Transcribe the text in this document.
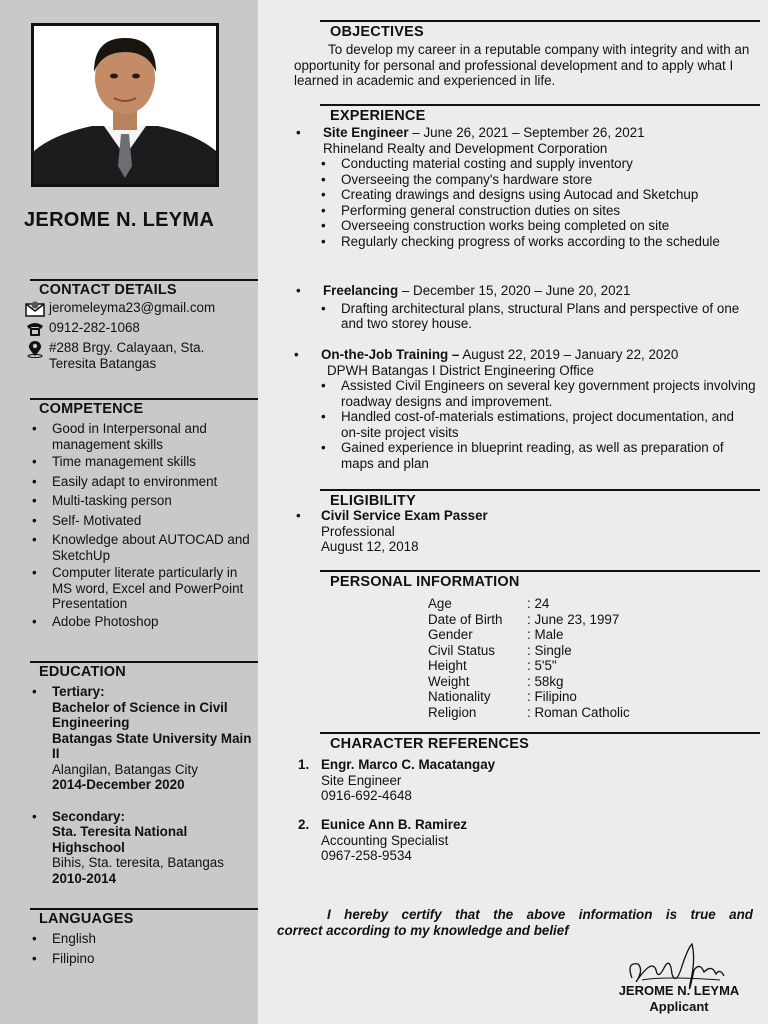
JEROME N. LEYMA
CONTACT DETAILS
jeromeleyma23@gmail.com
0912-282-1068
#288 Brgy. Calayaan, Sta.
Teresita Batangas
COMPETENCE
• Good in Interpersonal and management skills
• Time management skills
• Easily adapt to environment
• Multi-tasking person
• Self- Motivated
• Knowledge about AUTOCAD and SketchUp
• Computer literate particularly in MS word, Excel and PowerPoint Presentation
• Adobe Photoshop
EDUCATION
• Tertiary:
Bachelor of Science in Civil Engineering
Batangas State University Main II
Alangilan, Batangas City
2014-December 2020
• Secondary:
Sta. Teresita National Highschool
Bihis, Sta. teresita, Batangas
2010-2014
LANGUAGES
• English
• Filipino
OBJECTIVES
To develop my career in a reputable company with integrity and with an opportunity for personal and professional development and to apply what I learned in academic and experienced in life.
EXPERIENCE
• Site Engineer – June 26, 2021 – September 26, 2021
Rhineland Realty and Development Corporation
• Conducting material costing and supply inventory
• Overseeing the company's hardware store
• Creating drawings and designs using Autocad and Sketchup
• Performing general construction duties on sites
• Overseeing construction works being completed on site
• Regularly checking progress of works according to the schedule
• Freelancing – December 15, 2020 – June 20, 2021
• Drafting architectural plans, structural Plans and perspective of one and two storey house.
• On-the-Job Training – August 22, 2019 – January 22, 2020
DPWH Batangas I District Engineering Office
• Assisted Civil Engineers on several key government projects involving roadway designs and improvement.
• Handled cost-of-materials estimations, project documentation, and on-site project visits
• Gained experience in blueprint reading, as well as preparation of maps and plan
ELIGIBILITY
• Civil Service Exam Passer
Professional
August 12, 2018
PERSONAL INFORMATION
Age	: 24
Date of Birth	: June 23, 1997
Gender	: Male
Civil Status	: Single
Height	: 5'5"
Weight	: 58kg
Nationality	: Filipino
Religion	: Roman Catholic
CHARACTER REFERENCES
1. Engr. Marco C. Macatangay
Site Engineer
0916-692-4648
2. Eunice Ann B. Ramirez
Accounting Specialist
0967-258-9534
I hereby certify that the above information is true and
correct according to my knowledge and belief
JEROME N. LEYMA
Applicant
